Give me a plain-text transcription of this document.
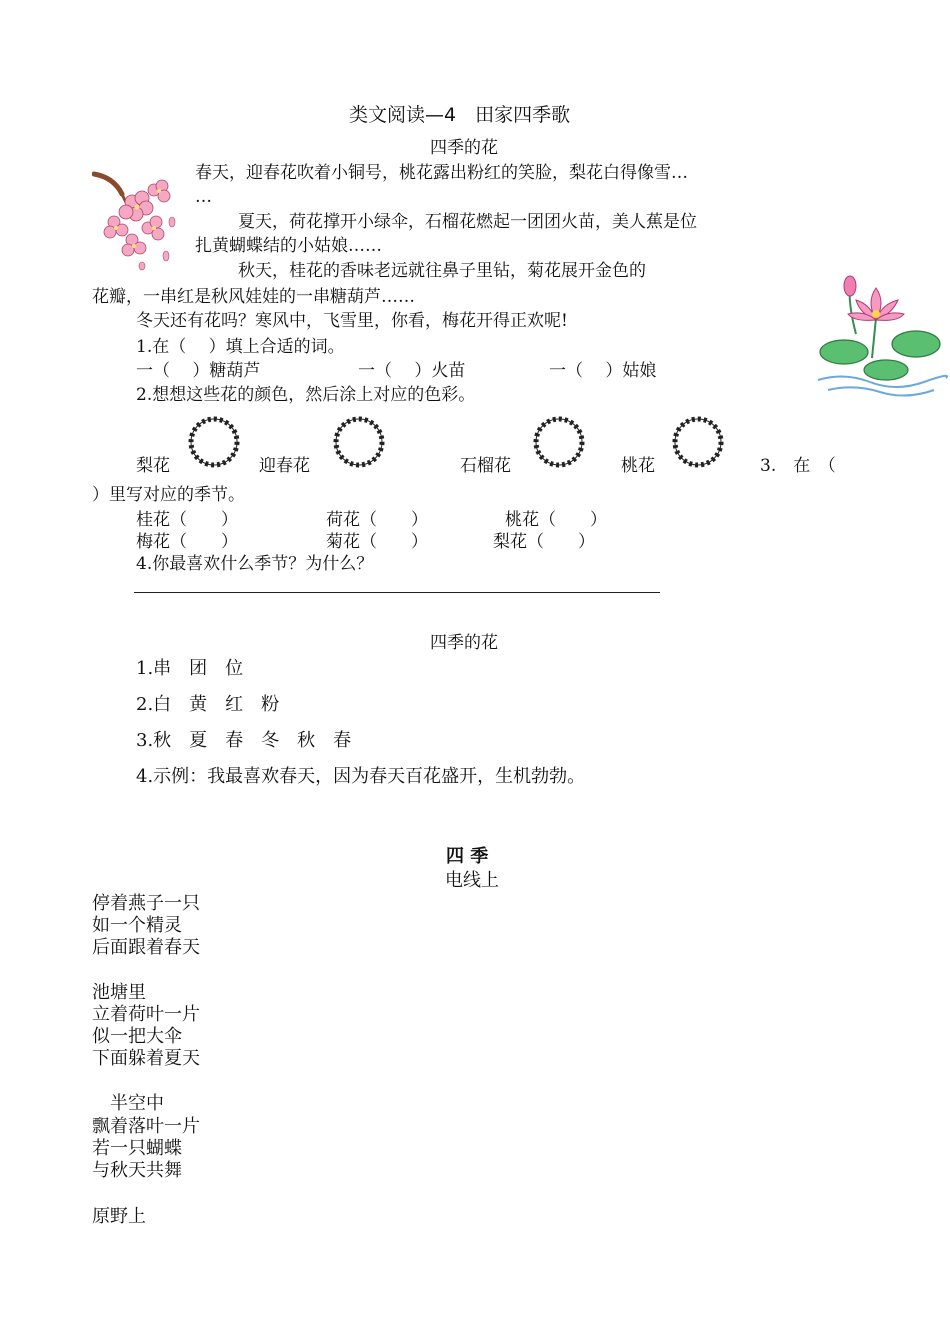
类文阅读—4　田家四季歌
四季的花
春天，迎春花吹着小铜号，桃花露出粉红的笑脸，梨花白得像雪…
…
夏天，荷花撑开小绿伞，石榴花燃起一团团火苗，美人蕉是位
扎黄蝴蝶结的小姑娘……
秋天，桂花的香味老远就往鼻子里钻，菊花展开金色的
花瓣，一串红是秋风娃娃的一串糖葫芦……
冬天还有花吗？寒风中，飞雪里，你看，梅花开得正欢呢!
1.在（　 ）填上合适的词。
一（　 ）糖葫芦	一（　 ）火苗	一（　 ）姑娘
2.想想这些花的颜色，然后涂上对应的色彩。
梨花	迎春花	石榴花	桃花	3.　在　（
）里写对应的季节。
桂花（　　）	荷花（　　）	桃花（　　）
梅花（　　）	菊花（　　）	梨花（　　）
4.你最喜欢什么季节？为什么？
四季的花
1.串　团　位
2.白　黄　红　粉
3.秋　夏　春　冬　秋　春
4.示例：我最喜欢春天，因为春天百花盛开，生机勃勃。
四 季
电线上
停着燕子一只
如一个精灵
后面跟着春天
池塘里
立着荷叶一片
似一把大伞
下面躲着夏天
　半空中
飘着落叶一片
若一只蝴蝶
与秋天共舞
原野上
